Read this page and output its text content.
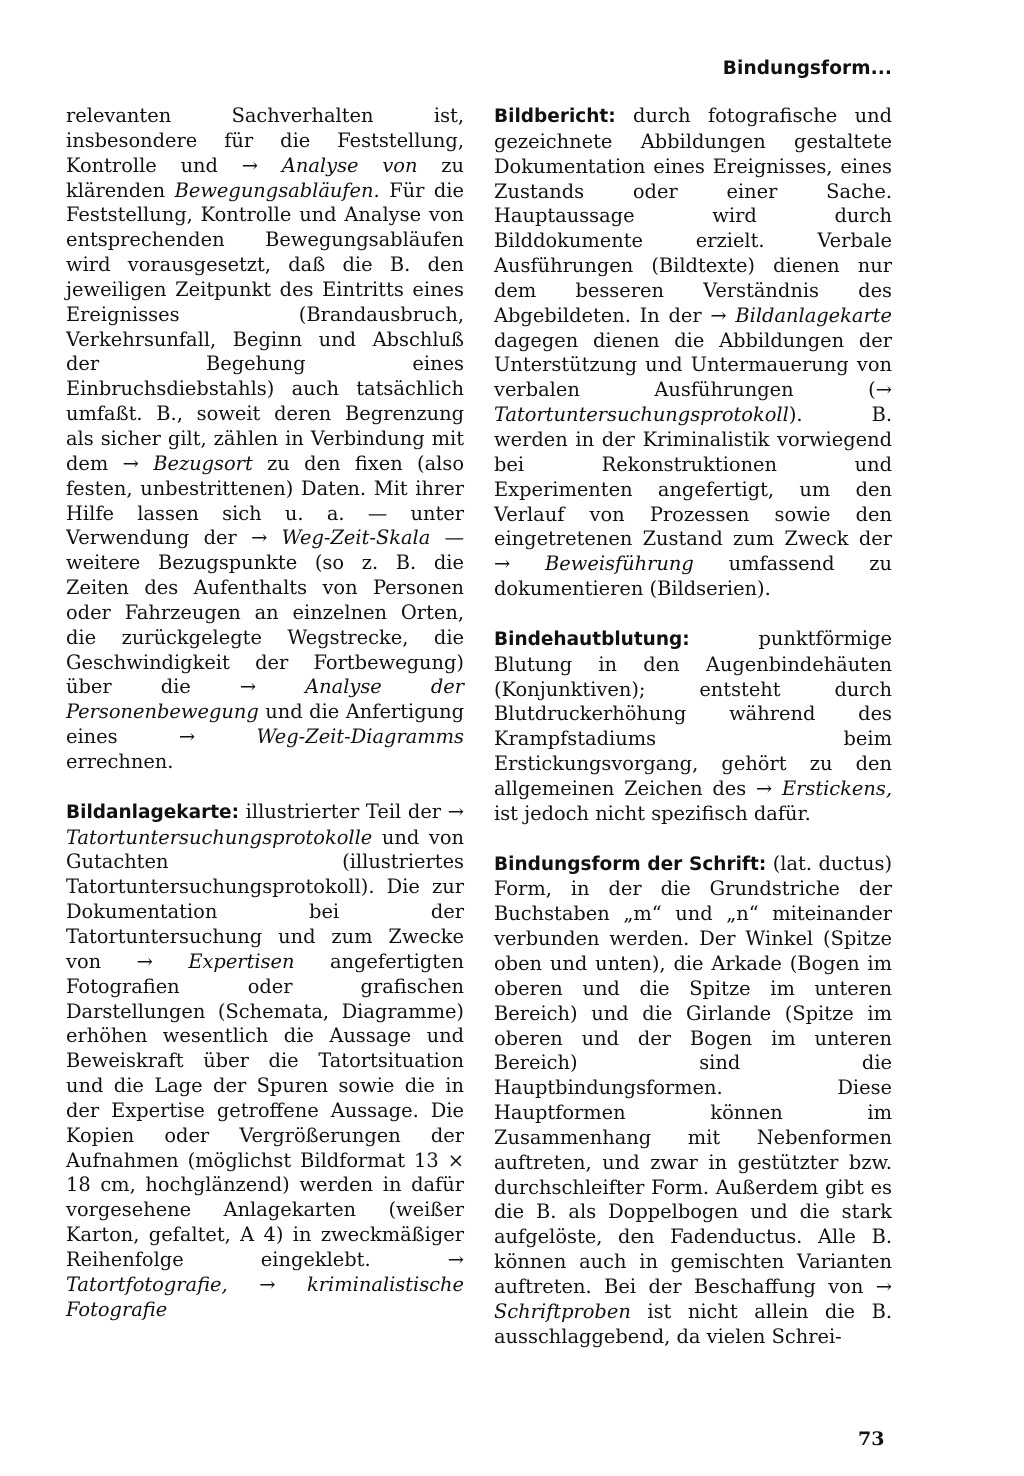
Bindungsform...

relevanten Sachverhalten ist, insbesondere für die Feststellung, Kontrolle und → Analyse von zu klärenden Bewegungsabläufen. Für die Feststellung, Kontrolle und Analyse von entsprechenden Bewegungsabläufen wird vorausgesetzt, daß die B. den jeweiligen Zeitpunkt des Eintritts eines Ereignisses (Brandausbruch, Verkehrsunfall, Beginn und Abschluß der Begehung eines Einbruchsdiebstahls) auch tatsächlich umfaßt. B., soweit deren Begrenzung als sicher gilt, zählen in Verbindung mit dem → Bezugsort zu den fixen (also festen, unbestrittenen) Daten. Mit ihrer Hilfe lassen sich u. a. — unter Verwendung der → Weg-Zeit-Skala — weitere Bezugspunkte (so z. B. die Zeiten des Aufenthalts von Personen oder Fahrzeugen an einzelnen Orten, die zurückgelegte Wegstrecke, die Geschwindigkeit der Fortbewegung) über die → Analyse der Personenbewegung und die Anfertigung eines → Weg-Zeit-Diagramms errechnen.

Bildanlagekarte: illustrierter Teil der → Tatortuntersuchungsprotokolle und von Gutachten (illustriertes Tatortuntersuchungsprotokoll). Die zur Dokumentation bei der Tatortuntersuchung und zum Zwecke von → Expertisen angefertigten Fotografien oder grafischen Darstellungen (Schemata, Diagramme) erhöhen wesentlich die Aussage und Beweiskraft über die Tatortsituation und die Lage der Spuren sowie die in der Expertise getroffene Aussage. Die Kopien oder Vergrößerungen der Aufnahmen (möglichst Bildformat 13 × 18 cm, hochglänzend) werden in dafür vorgesehene Anlagekarten (weißer Karton, gefaltet, A 4) in zweckmäßiger Reihenfolge eingeklebt. → Tatortfotografie, → kriminalistische Fotografie

Bildbericht: durch fotografische und gezeichnete Abbildungen gestaltete Dokumentation eines Ereignisses, eines Zustands oder einer Sache. Hauptaussage wird durch Bilddokumente erzielt. Verbale Ausführungen (Bildtexte) dienen nur dem besseren Verständnis des Abgebildeten. In der → Bildanlagekarte dagegen dienen die Abbildungen der Unterstützung und Untermauerung von verbalen Ausführungen (→ Tatortuntersuchungsprotokoll). B. werden in der Kriminalistik vorwiegend bei Rekonstruktionen und Experimenten angefertigt, um den Verlauf von Prozessen sowie den eingetretenen Zustand zum Zweck der → Beweisführung umfassend zu dokumentieren (Bildserien).

Bindehautblutung: punktförmige Blutung in den Augenbindehäuten (Konjunktiven); entsteht durch Blutdruckerhöhung während des Krampfstadiums beim Erstickungsvorgang, gehört zu den allgemeinen Zeichen des → Erstickens, ist jedoch nicht spezifisch dafür.

Bindungsform der Schrift: (lat. ductus) Form, in der die Grundstriche der Buchstaben „m“ und „n“ miteinander verbunden werden. Der Winkel (Spitze oben und unten), die Arkade (Bogen im oberen und die Spitze im unteren Bereich) und die Girlande (Spitze im oberen und der Bogen im unteren Bereich) sind die Hauptbindungsformen. Diese Hauptformen können im Zusammenhang mit Nebenformen auftreten, und zwar in gestützter bzw. durchschleifter Form. Außerdem gibt es die B. als Doppelbogen und die stark aufgelöste, den Fadenductus. Alle B. können auch in gemischten Varianten auftreten. Bei der Beschaffung von → Schriftproben ist nicht allein die B. ausschlaggebend, da vielen Schrei-

73
